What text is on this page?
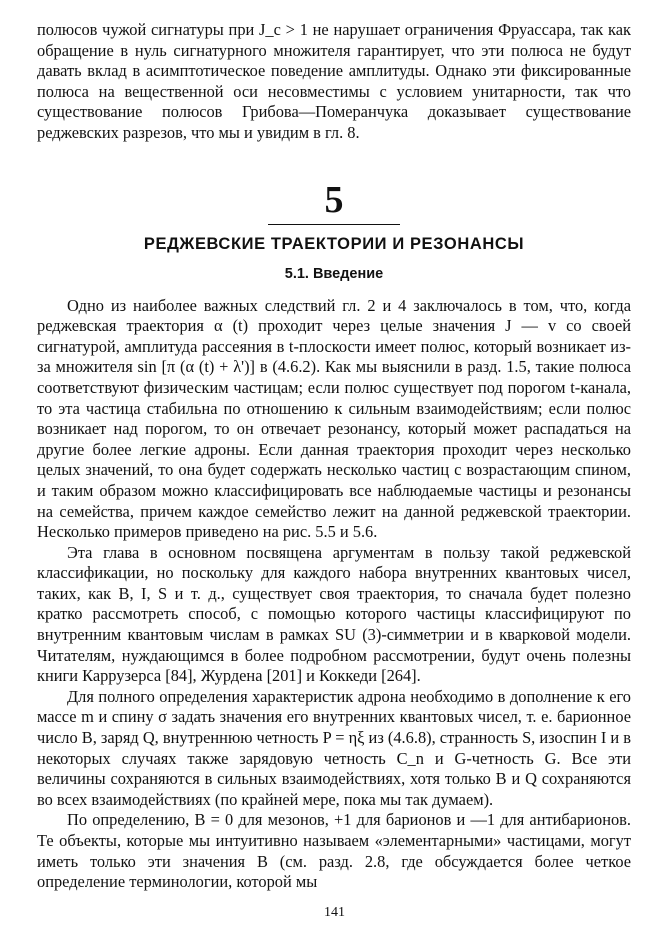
полюсов чужой сигнатуры при J_c > 1 не нарушает ограничения Фруассара, так как обращение в нуль сигнатурного множителя гарантирует, что эти полюса не будут давать вклад в асимптотическое поведение амплитуды. Однако эти фиксированные полюса на вещественной оси несовместимы с условием унитарности, так что существование полюсов Грибова—Померанчука доказывает существование реджевских разрезов, что мы и увидим в гл. 8.

5
РЕДЖЕВСКИЕ ТРАЕКТОРИИ И РЕЗОНАНСЫ
5.1. Введение

Одно из наиболее важных следствий гл. 2 и 4 заключалось в том, что, когда реджевская траектория α (t) проходит через целые значения J — v со своей сигнатурой, амплитуда рассеяния в t-плоскости имеет полюс, который возникает из-за множителя sin [π (α (t) + λ')] в (4.6.2). Как мы выяснили в разд. 1.5, такие полюса соответствуют физическим частицам; если полюс существует под порогом t-канала, то эта частица стабильна по отношению к сильным взаимодействиям; если полюс возникает над порогом, то он отвечает резонансу, который может распадаться на другие более легкие адроны. Если данная траектория проходит через несколько целых значений, то она будет содержать несколько частиц с возрастающим спином, и таким образом можно классифицировать все наблюдаемые частицы и резонансы на семейства, причем каждое семейство лежит на данной реджевской траектории. Несколько примеров приведено на рис. 5.5 и 5.6.

Эта глава в основном посвящена аргументам в пользу такой реджевской классификации, но поскольку для каждого набора внутренних квантовых чисел, таких, как B, I, S и т. д., существует своя траектория, то сначала будет полезно кратко рассмотреть способ, с помощью которого частицы классифицируют по внутренним квантовым числам в рамках SU (3)-симметрии и в кварковой модели. Читателям, нуждающимся в более подробном рассмотрении, будут очень полезны книги Каррузерса [84], Журдена [201] и Коккеди [264].

Для полного определения характеристик адрона необходимо в дополнение к его массе m и спину σ задать значения его внутренних квантовых чисел, т. е. барионное число B, заряд Q, внутреннюю четность P = ηξ из (4.6.8), странность S, изоспин I и в некоторых случаях также зарядовую четность C_n и G-четность G. Все эти величины сохраняются в сильных взаимодействиях, хотя только B и Q сохраняются во всех взаимодействиях (по крайней мере, пока мы так думаем).

По определению, B = 0 для мезонов, +1 для барионов и —1 для антибарионов. Те объекты, которые мы интуитивно называем «элементарными» частицами, могут иметь только эти значения B (см. разд. 2.8, где обсуждается более четкое определение терминологии, которой мы

141
